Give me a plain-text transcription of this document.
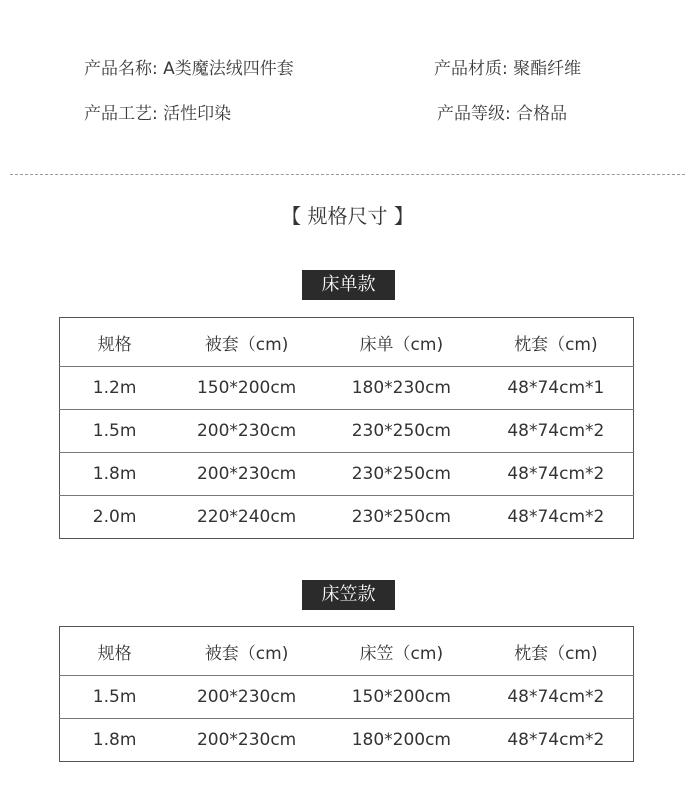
产品名称: A类魔法绒四件套	产品材质: 聚酯纤维
产品工艺: 活性印染	产品等级: 合格品
【 规格尺寸 】
床单款
规格	被套（cm)	床单（cm)	枕套（cm)
1.2m	150*200cm	180*230cm	48*74cm*1
1.5m	200*230cm	230*250cm	48*74cm*2
1.8m	200*230cm	230*250cm	48*74cm*2
2.0m	220*240cm	230*250cm	48*74cm*2
床笠款
规格	被套（cm)	床笠（cm)	枕套（cm)
1.5m	200*230cm	150*200cm	48*74cm*2
1.8m	200*230cm	180*200cm	48*74cm*2
